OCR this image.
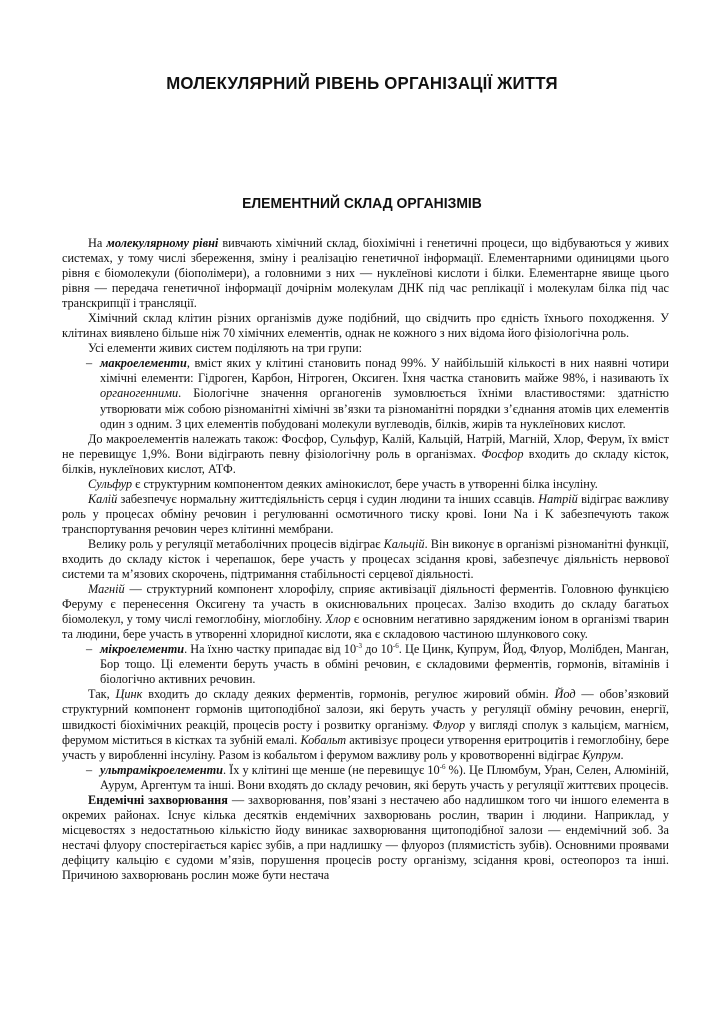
МОЛЕКУЛЯРНИЙ РІВЕНЬ ОРГАНІЗАЦІЇ ЖИТТЯ
ЕЛЕМЕНТНИЙ СКЛАД ОРГАНІЗМІВ

На молекулярному рівні вивчають хімічний склад, біохімічні і генетичні процеси, що відбуваються у живих системах, у тому числі збереження, зміну і реалізацію генетичної інформації. Елементарними одиницями цього рівня є біомолекули (біополімери), а головними з них — нуклеїнові кислоти і білки. Елементарне явище цього рівня — передача генетичної інформації дочірнім молекулам ДНК під час реплікації і молекулам білка під час транскрипції і трансляції.

Хімічний склад клітин різних організмів дуже подібний, що свідчить про єдність їхнього походження. У клітинах виявлено більше ніж 70 хімічних елементів, однак не кожного з них відома його фізіологічна роль.

Усі елементи живих систем поділяють на три групи:

– макроелементи, вміст яких у клітині становить понад 99%. У найбільшій кількості в них наявні чотири хімічні елементи: Гідроген, Карбон, Нітроген, Оксиген. Їхня частка становить майже 98%, і називають їх органогенними. Біологічне значення органогенів зумовлюється їхніми властивостями: здатністю утворювати між собою різноманітні хімічні зв’язки та різноманітні порядки з’єднання атомів цих елементів один з одним. З цих елементів побудовані молекули вуглеводів, білків, жирів та нуклеїнових кислот.

До макроелементів належать також: Фосфор, Сульфур, Калій, Кальцій, Натрій, Магній, Хлор, Ферум, їх вміст не перевищує 1,9%. Вони відіграють певну фізіологічну роль в організмах. Фосфор входить до складу кісток, білків, нуклеїнових кислот, АТФ.

Сульфур є структурним компонентом деяких амінокислот, бере участь в утворенні білка інсуліну.

Калій забезпечує нормальну життєдіяльність серця і судин людини та інших ссавців. Натрій відіграє важливу роль у процесах обміну речовин і регулюванні осмотичного тиску крові. Іони Na і K забезпечують також транспортування речовин через клітинні мембрани.

Велику роль у регуляції метаболічних процесів відіграє Кальцій. Він виконує в організмі різноманітні функції, входить до складу кісток і черепашок, бере участь у процесах зсідання крові, забезпечує діяльність нервової системи та м’язових скорочень, підтримання стабільності серцевої діяльності.

Магній — структурний компонент хлорофілу, сприяє активізації діяльності ферментів. Головною функцією Феруму є перенесення Оксигену та участь в окиснювальних процесах. Залізо входить до складу багатьох біомолекул, у тому числі гемоглобіну, міоглобіну. Хлор є основним негативно зарядженим іоном в організмі тварин та людини, бере участь в утворенні хлоридної кислоти, яка є складовою частиною шлункового соку.

– мікроелементи. На їхню частку припадає від $10^{-3}$ до $10^{-6}$. Це Цинк, Купрум, Йод, Флуор, Молібден, Манган, Бор тощо. Ці елементи беруть участь в обміні речовин, є складовими ферментів, гормонів, вітамінів і біологічно активних речовин.

Так, Цинк входить до складу деяких ферментів, гормонів, регулює жировий обмін. Йод — обов’язковий структурний компонент гормонів щитоподібної залози, які беруть участь у регуляції обміну речовин, енергії, швидкості біохімічних реакцій, процесів росту і розвитку організму. Флуор у вигляді сполук з кальцієм, магнієм, ферумом міститься в кістках та зубній емалі. Кобальт активізує процеси утворення еритроцитів і гемоглобіну, бере участь у виробленні інсуліну. Разом із кобальтом і ферумом важливу роль у кровотворенні відіграє Купрум.

– ультрамікроелементи. Їх у клітині ще менше (не перевищує $10^{-6}$ %). Це Плюмбум, Уран, Селен, Алюміній, Аурум, Аргентум та інші. Вони входять до складу речовин, які беруть участь у регуляції життєвих процесів.

Ендемічні захворювання — захворювання, пов’язані з нестачею або надлишком того чи іншого елемента в окремих районах. Існує кілька десятків ендемічних захворювань рослин, тварин і людини. Наприклад, у місцевостях з недостатньою кількістю йоду виникає захворювання щитоподібної залози — ендемічний зоб. За нестачі флуору спостерігається карієс зубів, а при надлишку — флуороз (плямистість зубів). Основними проявами дефіциту кальцію є судоми м’язів, порушення процесів росту організму, зсідання крові, остеопороз та інші. Причиною захворювань рослин може бути нестача
